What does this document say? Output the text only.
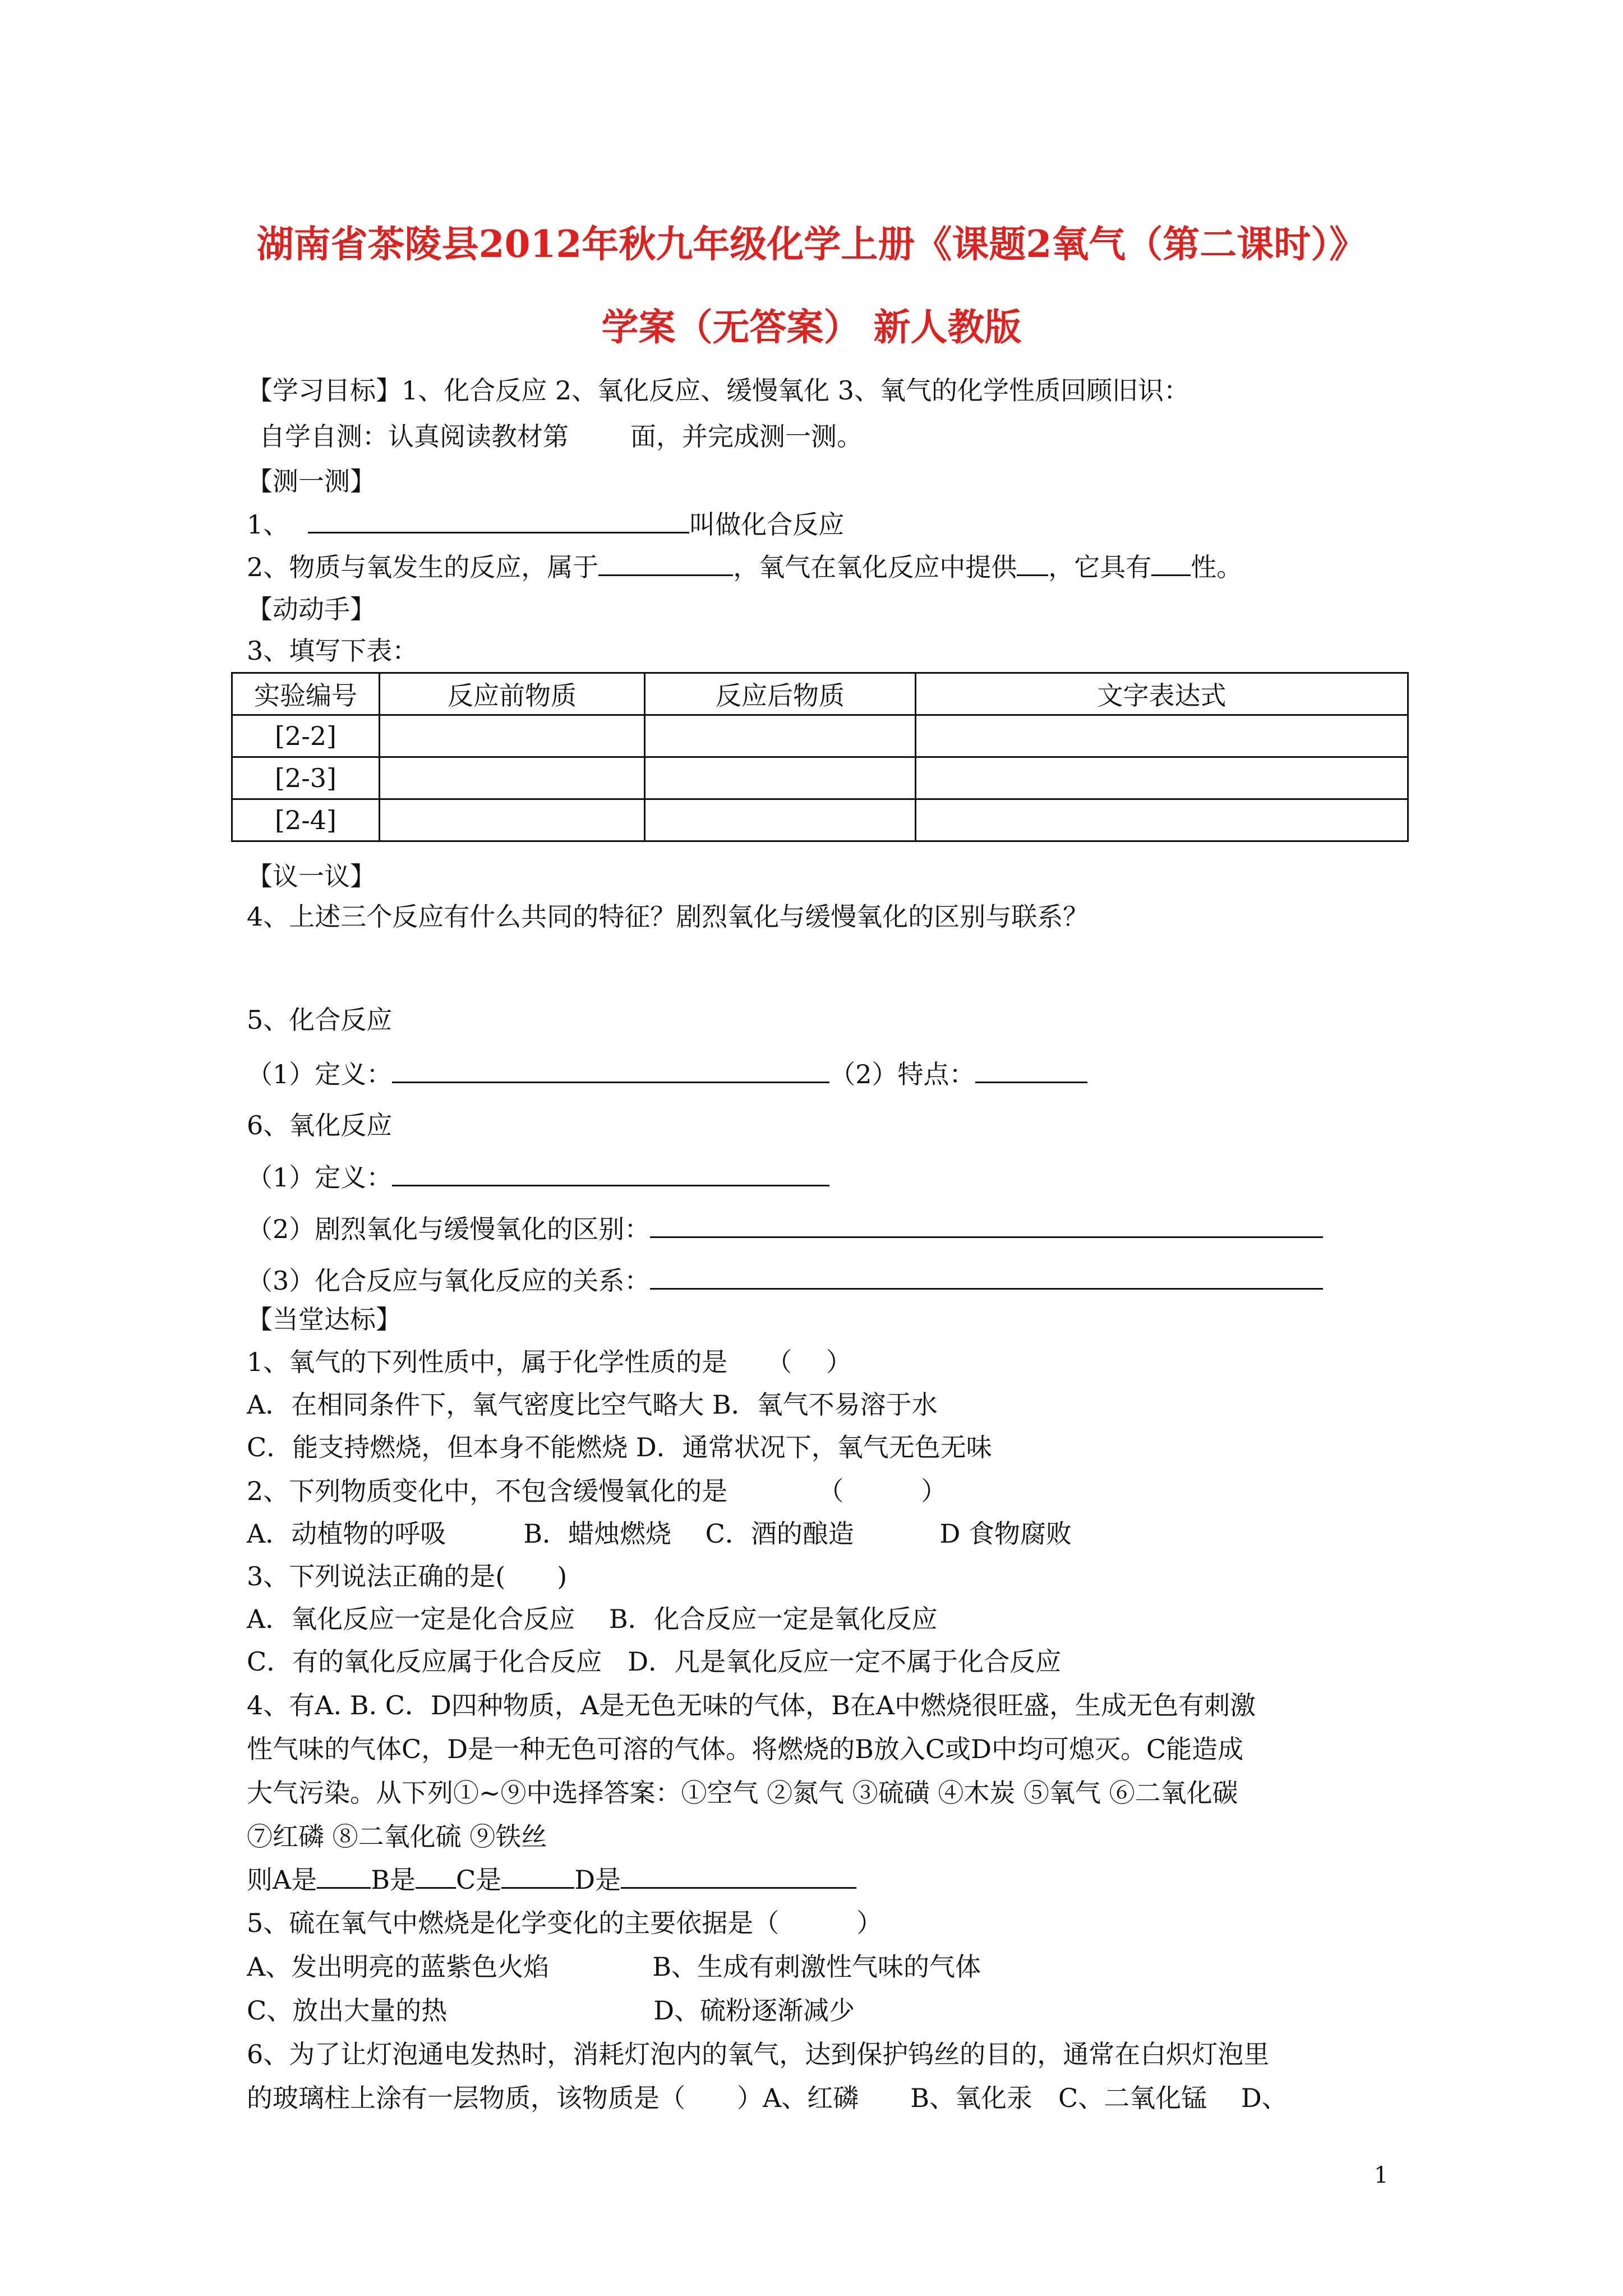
湖南省茶陵县2012年秋九年级化学上册《课题2氧气（第二课时）》
学案（无答案） 新人教版
【学习目标】1、化合反应 2、氧化反应、缓慢氧化 3、氧气的化学性质回顾旧识：
自学自测：认真阅读教材第 面，并完成测一测。
【测一测】
1、	叫做化合反应
2、物质与氧发生的反应，属于	，氧气在氧化反应中提供 ，它具有 性。
【动动手】
3、填写下表：
实验编号	反应前物质	反应后物质	文字表达式
[2-2]			
[2-3]			
[2-4]			
【议一议】
4、上述三个反应有什么共同的特征？剧烈氧化与缓慢氧化的区别与联系？
5、化合反应
（1）定义：	（2）特点：
6、氧化反应
（1）定义：
（2）剧烈氧化与缓慢氧化的区别：
（3）化合反应与氧化反应的关系：
【当堂达标】
1、氧气的下列性质中，属于化学性质的是　　（　 ）
A．在相同条件下，氧气密度比空气略大 B．氧气不易溶于水
C．能支持燃烧，但本身不能燃烧 D．通常状况下，氧气无色无味
2、下列物质变化中，不包含缓慢氧化的是　　　　（　　　）
A．动植物的呼吸　　　B．蜡烛燃烧　 C．酒的酿造　　　 D 食物腐败
3、下列说法正确的是(　　)
A．氧化反应一定是化合反应　 B．化合反应一定是氧化反应
C．有的氧化反应属于化合反应　D．凡是氧化反应一定不属于化合反应
4、有A. B. C．D四种物质，A是无色无味的气体，B在A中燃烧很旺盛，生成无色有刺激
性气味的气体C，D是一种无色可溶的气体。将燃烧的B放入C或D中均可熄灭。C能造成
大气污染。从下列①~⑨中选择答案：①空气 ②氮气 ③硫磺 ④木炭 ⑤氧气 ⑥二氧化碳
⑦红磷 ⑧二氧化硫 ⑨铁丝
则A是 B是 C是	D是
5、硫在氧气中燃烧是化学变化的主要依据是（　　　）
A、发出明亮的蓝紫色火焰　　　　B、生成有刺激性气味的气体
C、放出大量的热　　　　　　　　D、硫粉逐渐减少
6、为了让灯泡通电发热时，消耗灯泡内的氧气，达到保护钨丝的目的，通常在白炽灯泡里
的玻璃柱上涂有一层物质，该物质是（　　）A、红磷　　B、氧化汞　C、二氧化锰　 D、
1
